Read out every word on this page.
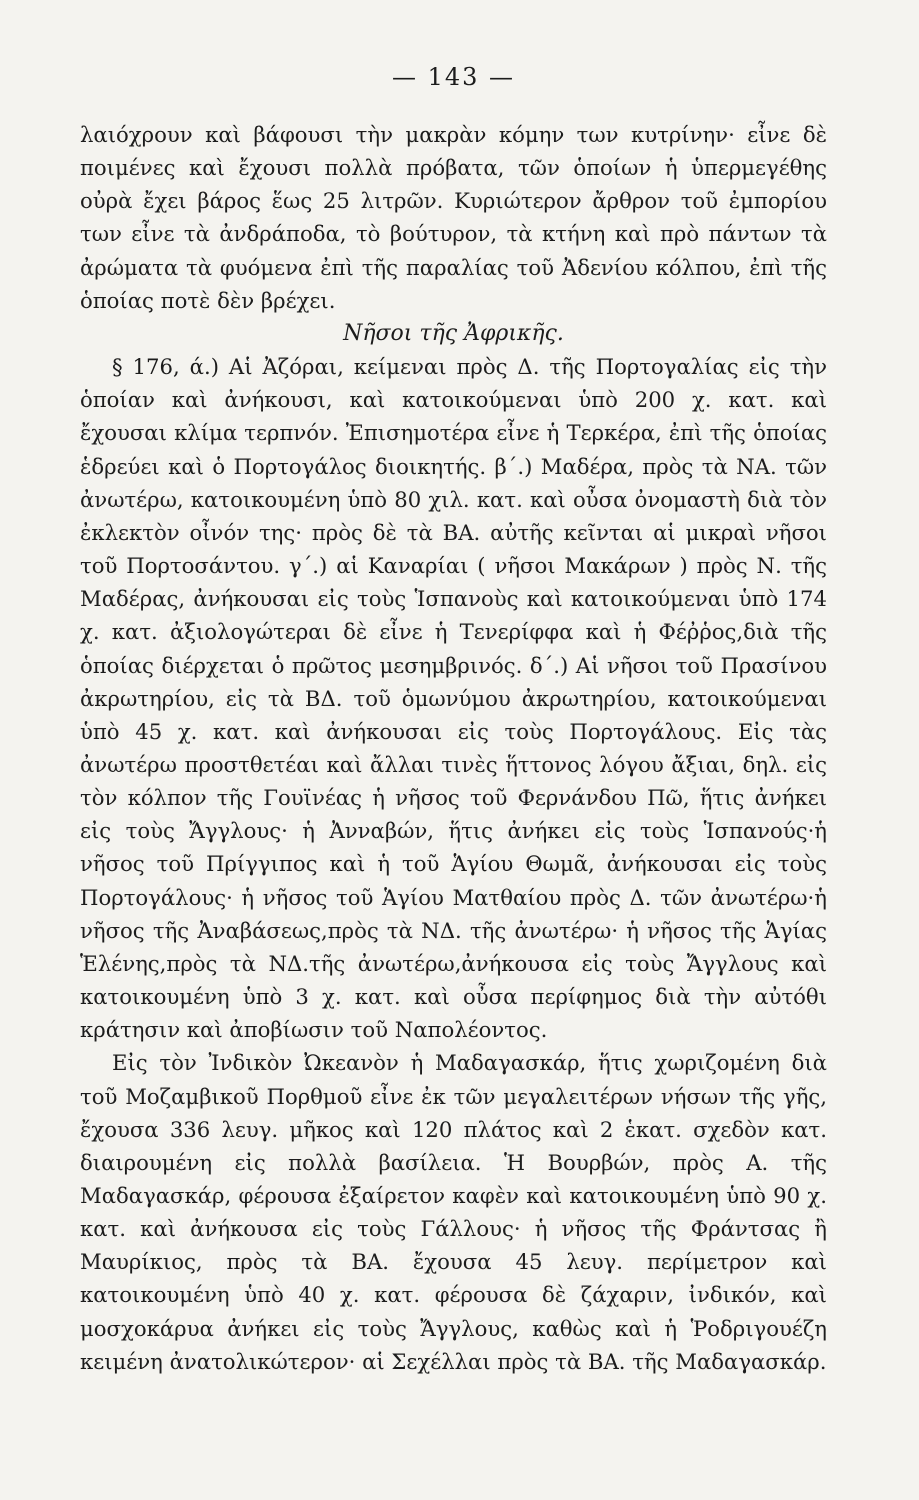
— 143 —

λαιόχρουν καὶ βάφουσι τὴν μακρὰν κόμην των κυτρίνην· εἶνε δὲ ποιμένες καὶ ἔχουσι πολλὰ πρόβατα, τῶν ὁποίων ἡ ὑπερμεγέθης οὐρὰ ἔχει βάρος ἕως 25 λιτρῶν. Κυριώτερον ἄρθρον τοῦ ἐμπορίου των εἶνε τὰ ἀνδράποδα, τὸ βούτυρον, τὰ κτήνη καὶ πρὸ πάντων τὰ ἀρώματα τὰ φυόμενα ἐπὶ τῆς παραλίας τοῦ Ἀδενίου κόλπου, ἐπὶ τῆς ὁποίας ποτὲ δὲν βρέχει.

Νῆσοι τῆς Ἀφρικῆς.

§ 176, ά.) Αἱ Ἀζόραι, κείμεναι πρὸς Δ. τῆς Πορτογαλίας εἰς τὴν ὁποίαν καὶ ἀνήκουσι, καὶ κατοικούμεναι ὑπὸ 200 χ. κατ. καὶ ἔχουσαι κλίμα τερπνόν. Ἐπισημοτέρα εἶνε ἡ Τερκέρα, ἐπὶ τῆς ὁποίας ἑδρεύει καὶ ὁ Πορτογάλος διοικητής. β΄.) Μαδέρα, πρὸς τὰ ΝΑ. τῶν ἀνωτέρω, κατοικουμένη ὑπὸ 80 χιλ. κατ. καὶ οὖσα ὀνομαστὴ διὰ τὸν ἐκλεκτὸν οἶνόν της· πρὸς δὲ τὰ ΒΑ. αὐτῆς κεῖνται αἱ μικραὶ νῆσοι τοῦ Πορτοσάντου. γ΄.) αἱ Καναρίαι ( νῆσοι Μακάρων ) πρὸς Ν. τῆς Μαδέρας, ἀνήκουσαι εἰς τοὺς Ἱσπανοὺς καὶ κατοικούμεναι ὑπὸ 174 χ. κατ. ἀξιολογώτεραι δὲ εἶνε ἡ Τενερίφφα καὶ ἡ Φέῤῥος,διὰ τῆς ὁποίας διέρχεται ὁ πρῶτος μεσημβρινός. δ΄.) Αἱ νῆσοι τοῦ Πρασίνου ἀκρωτηρίου, εἰς τὰ ΒΔ. τοῦ ὁμωνύμου ἀκρωτηρίου, κατοικούμεναι ὑπὸ 45 χ. κατ. καὶ ἀνήκουσαι εἰς τοὺς Πορτογάλους. Εἰς τὰς ἀνωτέρω προστθετέαι καὶ ἄλλαι τινὲς ἥττονος λόγου ἄξιαι, δηλ. εἰς τὸν κόλπον τῆς Γουϊνέας ἡ νῆσος τοῦ Φερνάνδου Πῶ, ἥτις ἀνήκει εἰς τοὺς Ἄγγλους· ἡ Ἀνναβών, ἥτις ἀνήκει εἰς τοὺς Ἱσπανούς·ἡ νῆσος τοῦ Πρίγγιπος καὶ ἡ τοῦ Ἁγίου Θωμᾶ, ἀνήκουσαι εἰς τοὺς Πορτογάλους· ἡ νῆσος τοῦ Ἁγίου Ματθαίου πρὸς Δ. τῶν ἀνωτέρω·ἡ νῆσος τῆς Ἀναβάσεως,πρὸς τὰ ΝΔ. τῆς ἀνωτέρω· ἡ νῆσος τῆς Ἁγίας Ἑλένης,πρὸς τὰ ΝΔ.τῆς ἀνωτέρω,ἀνήκουσα εἰς τοὺς Ἄγγλους καὶ κατοικουμένη ὑπὸ 3 χ. κατ. καὶ οὖσα περίφημος διὰ τὴν αὐτόθι κράτησιν καὶ ἀποβίωσιν τοῦ Ναπολέοντος.

Εἰς τὸν Ἰνδικὸν Ὠκεανὸν ἡ Μαδαγασκάρ, ἥτις χωριζομένη διὰ τοῦ Μοζαμβικοῦ Πορθμοῦ εἶνε ἐκ τῶν μεγαλειτέρων νήσων τῆς γῆς, ἔχουσα 336 λευγ. μῆκος καὶ 120 πλάτος καὶ 2 ἑκατ. σχεδὸν κατ. διαιρουμένη εἰς πολλὰ βασίλεια. Ἡ Βουρβών, πρὸς Α. τῆς Μαδαγασκάρ, φέρουσα ἐξαίρετον καφὲν καὶ κατοικουμένη ὑπὸ 90 χ. κατ. καὶ ἀνήκουσα εἰς τοὺς Γάλλους· ἡ νῆσος τῆς Φράντσας ἢ Μαυρίκιος, πρὸς τὰ ΒΑ. ἔχουσα 45 λευγ. περίμετρον καὶ κατοικουμένη ὑπὸ 40 χ. κατ. φέρουσα δὲ ζάχαριν, ἰνδικόν, καὶ μοσχοκάρυα ἀνήκει εἰς τοὺς Ἄγγλους, καθὼς καὶ ἡ Ῥοδριγουέζη κειμένη ἀνατολικώτερον· αἱ Σεχέλλαι πρὸς τὰ ΒΑ. τῆς Μαδαγασκάρ.
